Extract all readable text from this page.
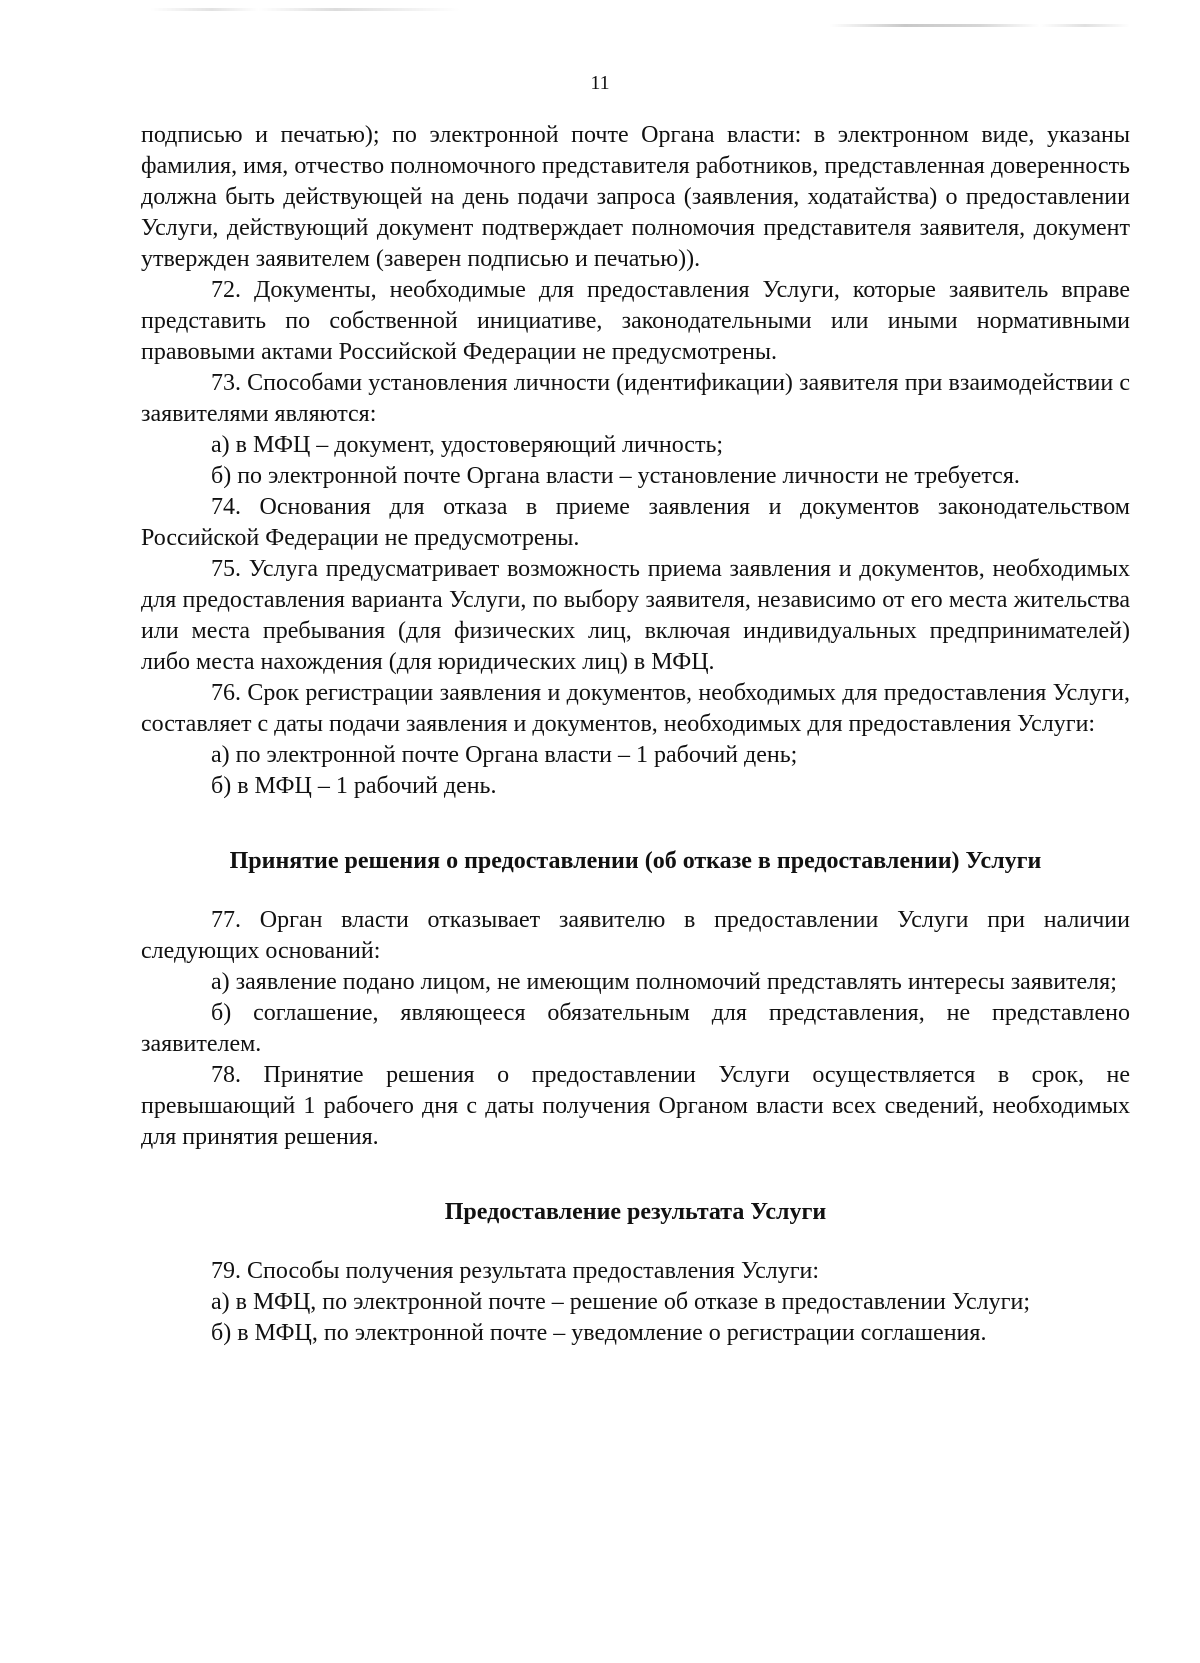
11

подписью и печатью); по электронной почте Органа власти: в электронном виде, указаны фамилия, имя, отчество полномочного представителя работников, представленная доверенность должна быть действующей на день подачи запроса (заявления, ходатайства) о предоставлении Услуги, действующий документ подтверждает полномочия представителя заявителя, документ утвержден заявителем (заверен подписью и печатью)).

72. Документы, необходимые для предоставления Услуги, которые заявитель вправе представить по собственной инициативе, законодательными или иными нормативными правовыми актами Российской Федерации не предусмотрены.

73. Способами установления личности (идентификации) заявителя при взаимодействии с заявителями являются:

а) в МФЦ – документ, удостоверяющий личность;

б) по электронной почте Органа власти – установление личности не требуется.

74. Основания для отказа в приеме заявления и документов законодательством Российской Федерации не предусмотрены.

75. Услуга предусматривает возможность приема заявления и документов, необходимых для предоставления варианта Услуги, по выбору заявителя, независимо от его места жительства или места пребывания (для физических лиц, включая индивидуальных предпринимателей) либо места нахождения (для юридических лиц) в МФЦ.

76. Срок регистрации заявления и документов, необходимых для предоставления Услуги, составляет с даты подачи заявления и документов, необходимых для предоставления Услуги:

а) по электронной почте Органа власти – 1 рабочий день;

б) в МФЦ – 1 рабочий день.

Принятие решения о предоставлении (об отказе в предоставлении) Услуги

77. Орган власти отказывает заявителю в предоставлении Услуги при наличии следующих оснований:

а) заявление подано лицом, не имеющим полномочий представлять интересы заявителя;

б) соглашение, являющееся обязательным для представления, не представлено заявителем.

78. Принятие решения о предоставлении Услуги осуществляется в срок, не превышающий 1 рабочего дня с даты получения Органом власти всех сведений, необходимых для принятия решения.

Предоставление результата Услуги

79. Способы получения результата предоставления Услуги:

а) в МФЦ, по электронной почте – решение об отказе в предоставлении Услуги;

б) в МФЦ, по электронной почте – уведомление о регистрации соглашения.
